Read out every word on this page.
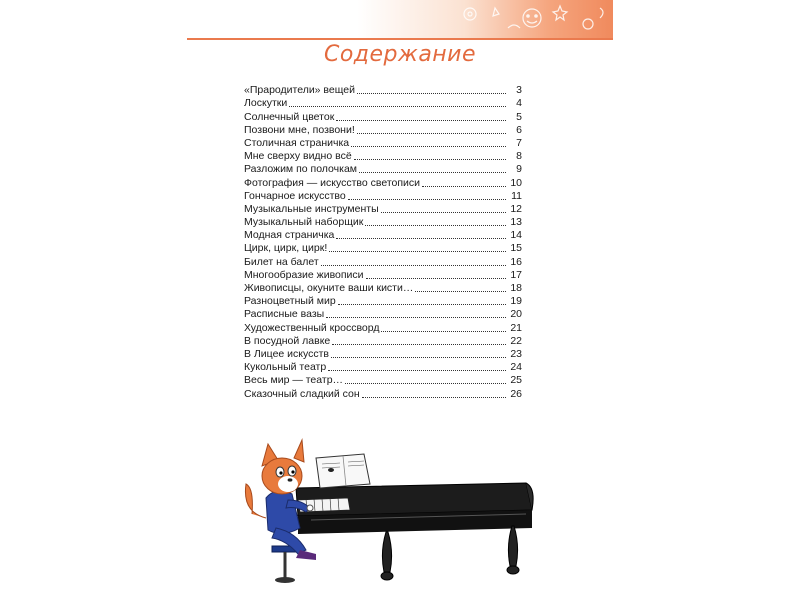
Содержание
«Прародители» вещей	3
Лоскутки	4
Солнечный цветок	5
Позвони мне, позвони!	6
Столичная страничка	7
Мне сверху видно всё	8
Разложим по полочкам	9
Фотография — искусство светописи	10
Гончарное искусство	11
Музыкальные инструменты	12
Музыкальный наборщик	13
Модная страничка	14
Цирк, цирк, цирк!	15
Билет на балет	16
Многообразие живописи	17
Живописцы, окуните ваши кисти…	18
Разноцветный мир	19
Расписные вазы	20
Художественный кроссворд	21
В посудной лавке	22
В Лицее искусств	23
Кукольный театр	24
Весь мир — театр…	25
Сказочный сладкий сон	26
